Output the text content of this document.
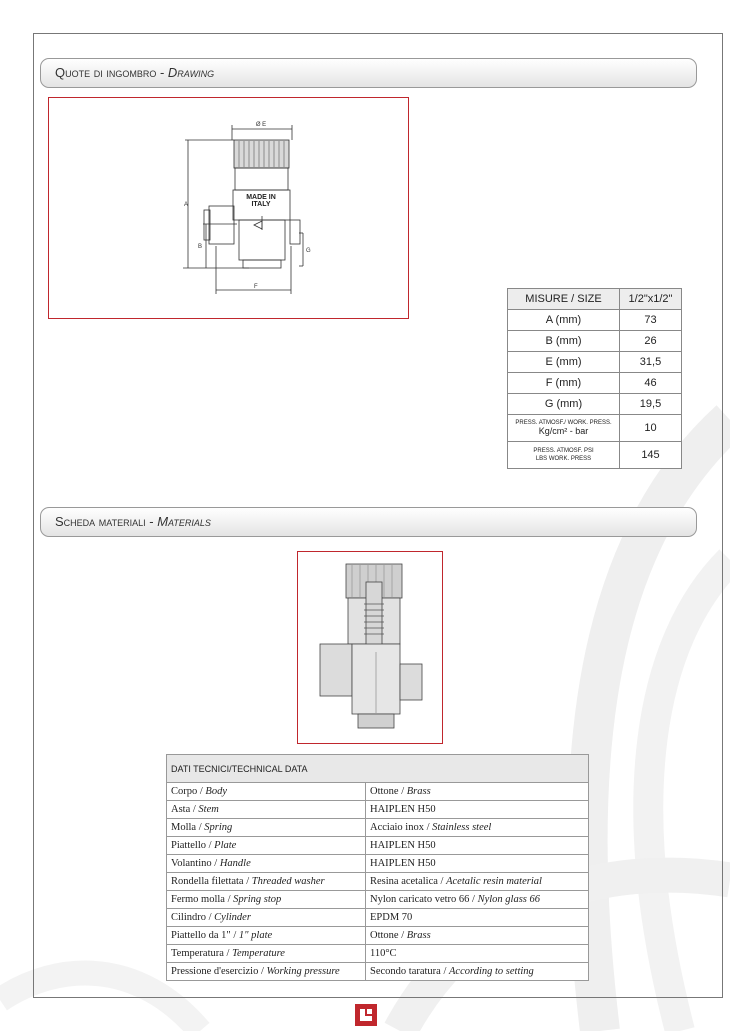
Quote di ingombro - Drawing
Ø E
A
B
G
F
MADE IN
ITALY
MISURE / SIZE	1/2"x1/2"
A (mm)	73
B (mm)	26
E (mm)	31,5
F (mm)	46
G (mm)	19,5
PRESS. ATMOSF./ WORK. PRESS.
Kg/cm² - bar	10
PRESS. ATMOSF. PSI
LBS WORK. PRESS	145
Scheda materiali - Materials
DATI TECNICI/TECHNICAL DATA	
Corpo / Body	Ottone / Brass
Asta / Stem	HAIPLEN H50
Molla / Spring	Acciaio inox / Stainless steel
Piattello / Plate	HAIPLEN H50
Volantino / Handle	HAIPLEN H50
Rondella filettata / Threaded washer	Resina acetalica / Acetalic resin material
Fermo molla / Spring stop	Nylon caricato vetro 66 / Nylon glass 66
Cilindro / Cylinder	EPDM 70
Piattello da 1" / 1" plate	Ottone / Brass
Temperatura / Temperature	110°C
Pressione d'esercizio / Working pressure	Secondo taratura / According to setting
